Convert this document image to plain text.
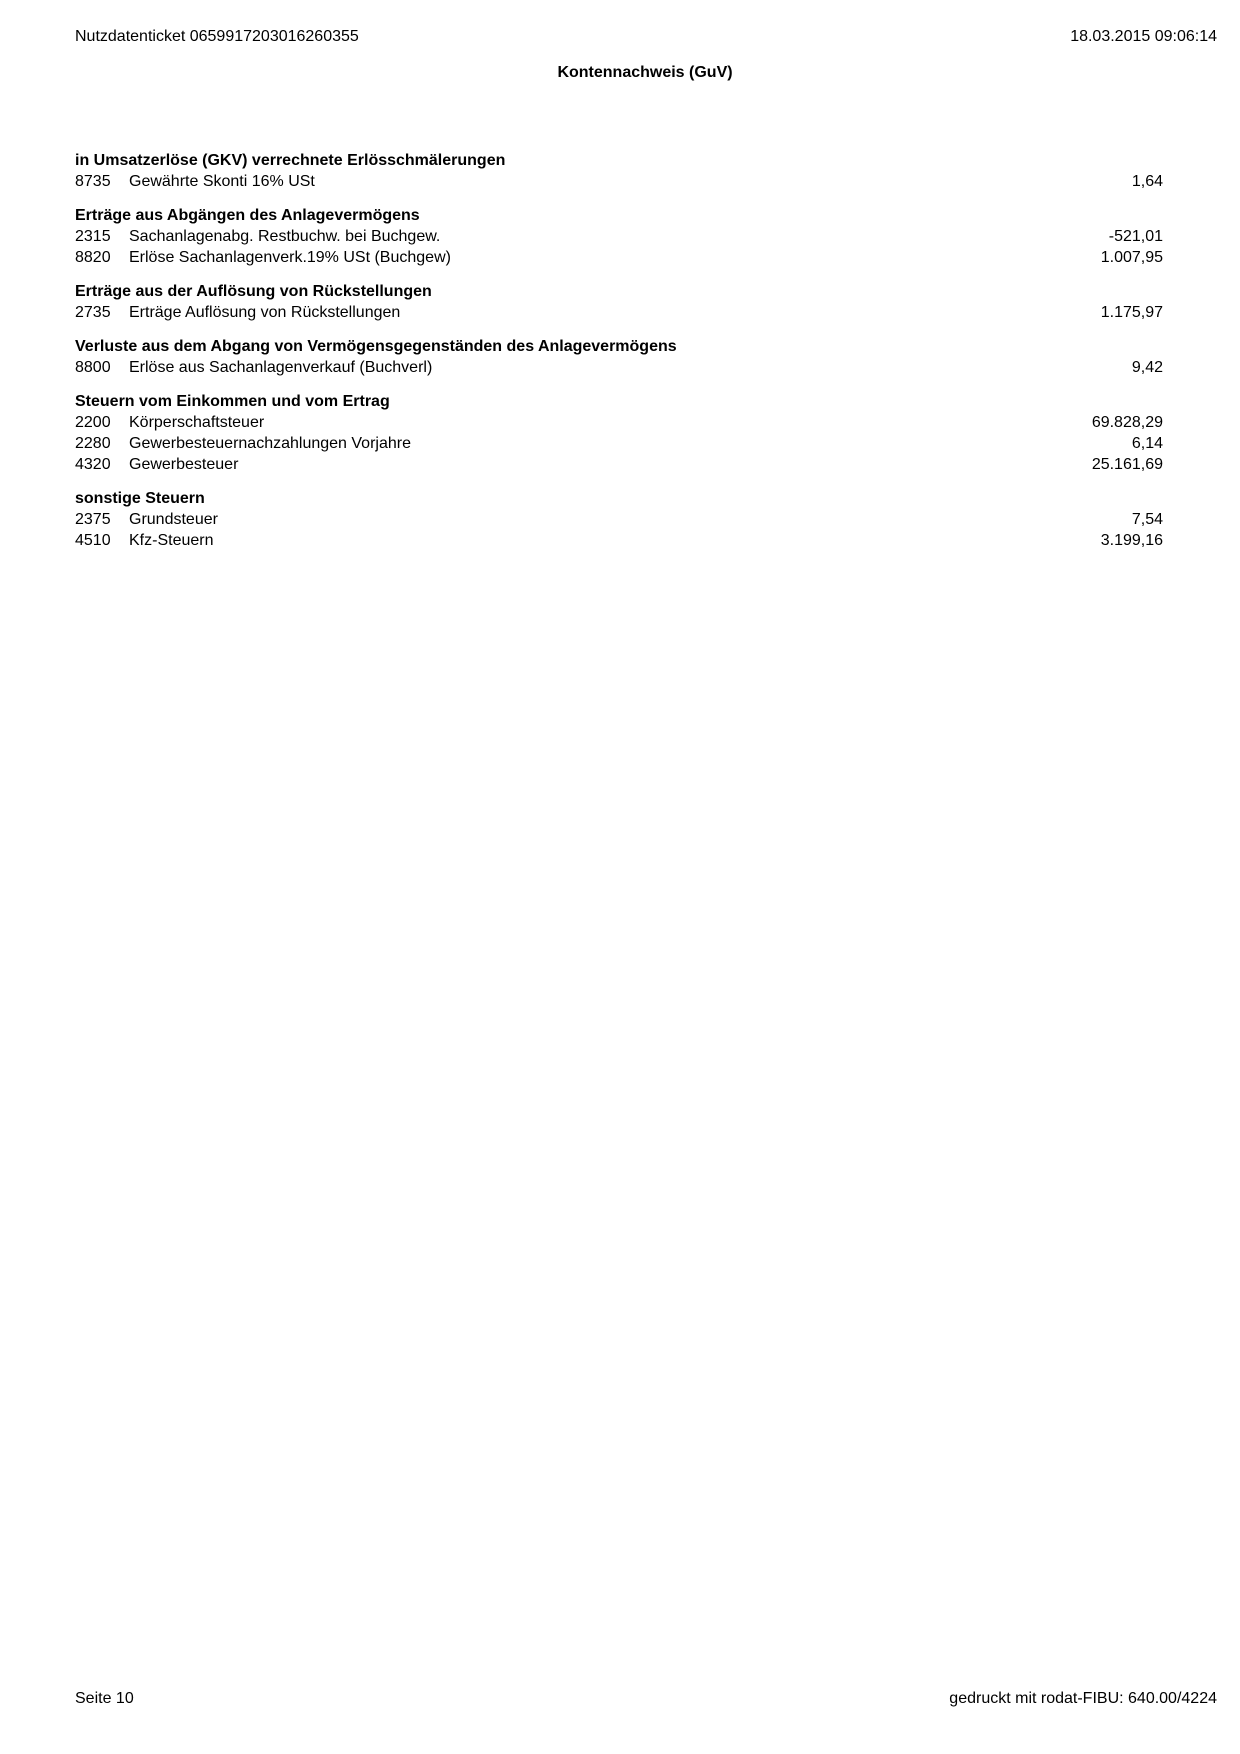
Nutzdatenticket 0659917203016260355	18.03.2015 09:06:14
Kontennachweis (GuV)
in Umsatzerlöse (GKV) verrechnete Erlösschmälerungen
8735	Gewährte Skonti 16% USt	1,64
Erträge aus Abgängen des Anlagevermögens
2315	Sachanlagenabg. Restbuchw. bei Buchgew.	-521,01
8820	Erlöse Sachanlagenverk.19% USt (Buchgew)	1.007,95
Erträge aus der Auflösung von Rückstellungen
2735	Erträge Auflösung von Rückstellungen	1.175,97
Verluste aus dem Abgang von Vermögensgegenständen des Anlagevermögens
8800	Erlöse aus Sachanlagenverkauf (Buchverl)	9,42
Steuern vom Einkommen und vom Ertrag
2200	Körperschaftsteuer	69.828,29
2280	Gewerbesteuernachzahlungen Vorjahre	6,14
4320	Gewerbesteuer	25.161,69
sonstige Steuern
2375	Grundsteuer	7,54
4510	Kfz-Steuern	3.199,16
Seite 10	gedruckt mit rodat-FIBU: 640.00/4224
